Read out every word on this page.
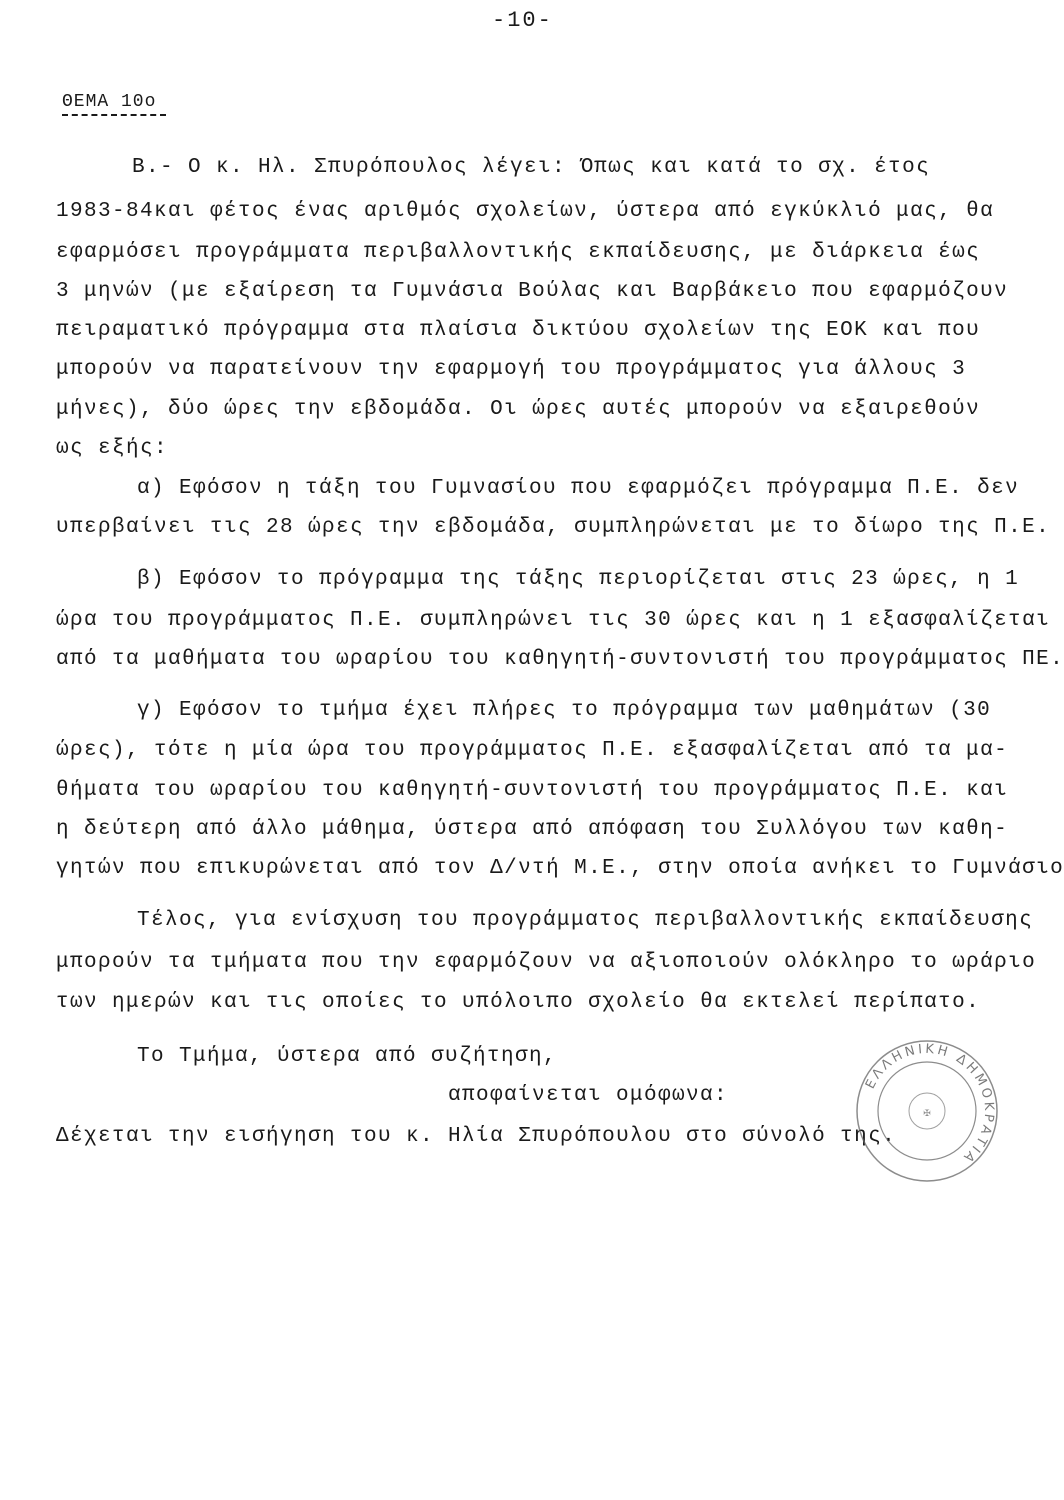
-10-
ΘΕΜΑ 10ο
Β.- Ο κ. Ηλ. Σπυρόπουλος λέγει: Όπως και κατά το σχ. έτος
1983-84και φέτος ένας αριθμός σχολείων, ύστερα από εγκύκλιό μας, θα
εφαρμόσει προγράμματα περιβαλλοντικής εκπαίδευσης, με διάρκεια έως
3 μηνών (με εξαίρεση τα Γυμνάσια Βούλας και Βαρβάκειο που εφαρμόζουν
πειραματικό πρόγραμμα στα πλαίσια δικτύου σχολείων της ΕΟΚ και που
μπορούν να παρατείνουν την εφαρμογή του προγράμματος για άλλους 3
μήνες), δύο ώρες την εβδομάδα. Οι ώρες αυτές μπορούν να εξαιρεθούν
ως εξής:
α) Εφόσον η τάξη του Γυμνασίου που εφαρμόζει πρόγραμμα Π.Ε. δεν
υπερβαίνει τις 28 ώρες την εβδομάδα, συμπληρώνεται με το δίωρο της Π.Ε.
β) Εφόσον το πρόγραμμα της τάξης περιορίζεται στις 23 ώρες, η 1
ώρα του προγράμματος Π.Ε. συμπληρώνει τις 30 ώρες και η 1 εξασφαλίζεται
από τα μαθήματα του ωραρίου του καθηγητή-συντονιστή του προγράμματος ΠΕ.
γ) Εφόσον το τμήμα έχει πλήρες το πρόγραμμα των μαθημάτων (30
ώρες), τότε η μία ώρα του προγράμματος Π.Ε. εξασφαλίζεται από τα μα-
θήματα του ωραρίου του καθηγητή-συντονιστή του προγράμματος Π.Ε. και
η δεύτερη από άλλο μάθημα, ύστερα από απόφαση του Συλλόγου των καθη-
γητών που επικυρώνεται από τον Δ/ντή Μ.Ε., στην οποία ανήκει το Γυμνάσιο
Τέλος, για ενίσχυση του προγράμματος περιβαλλοντικής εκπαίδευσης
μπορούν τα τμήματα που την εφαρμόζουν να αξιοποιούν ολόκληρο το ωράριο
των ημερών και τις οποίες το υπόλοιπο σχολείο θα εκτελεί περίπατο.
Το Τμήμα, ύστερα από συζήτηση,
αποφαίνεται ομόφωνα:
Δέχεται την εισήγηση του κ. Ηλία Σπυρόπουλου στο σύνολό της.
ΕΛΛΗΝΙΚΗ ΔΗΜΟΚΡΑΤΙΑ
✠
